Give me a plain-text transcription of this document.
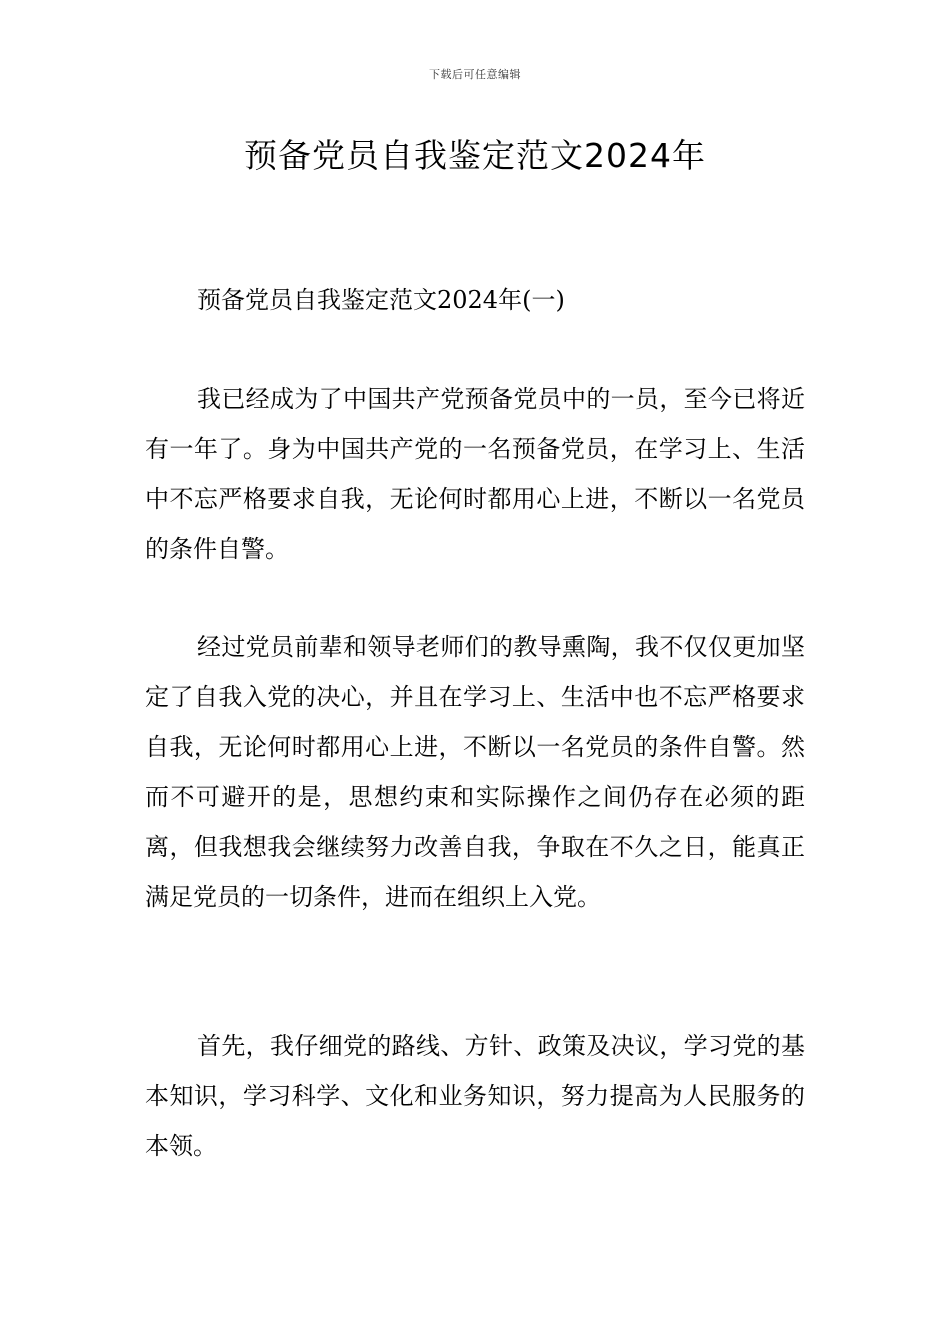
下载后可任意编辑
预备党员自我鉴定范文2024年

预备党员自我鉴定范文2024年(一)

我已经成为了中国共产党预备党员中的一员，至今已将近有一年了。身为中国共产党的一名预备党员，在学习上、生活中不忘严格要求自我，无论何时都用心上进，不断以一名党员的条件自警。

经过党员前辈和领导老师们的教导熏陶，我不仅仅更加坚定了自我入党的决心，并且在学习上、生活中也不忘严格要求自我，无论何时都用心上进，不断以一名党员的条件自警。然而不可避开的是，思想约束和实际操作之间仍存在必须的距离，但我想我会继续努力改善自我，争取在不久之日，能真正满足党员的一切条件，进而在组织上入党。

首先，我仔细党的路线、方针、政策及决议，学习党的基本知识，学习科学、文化和业务知识，努力提高为人民服务的本领。
